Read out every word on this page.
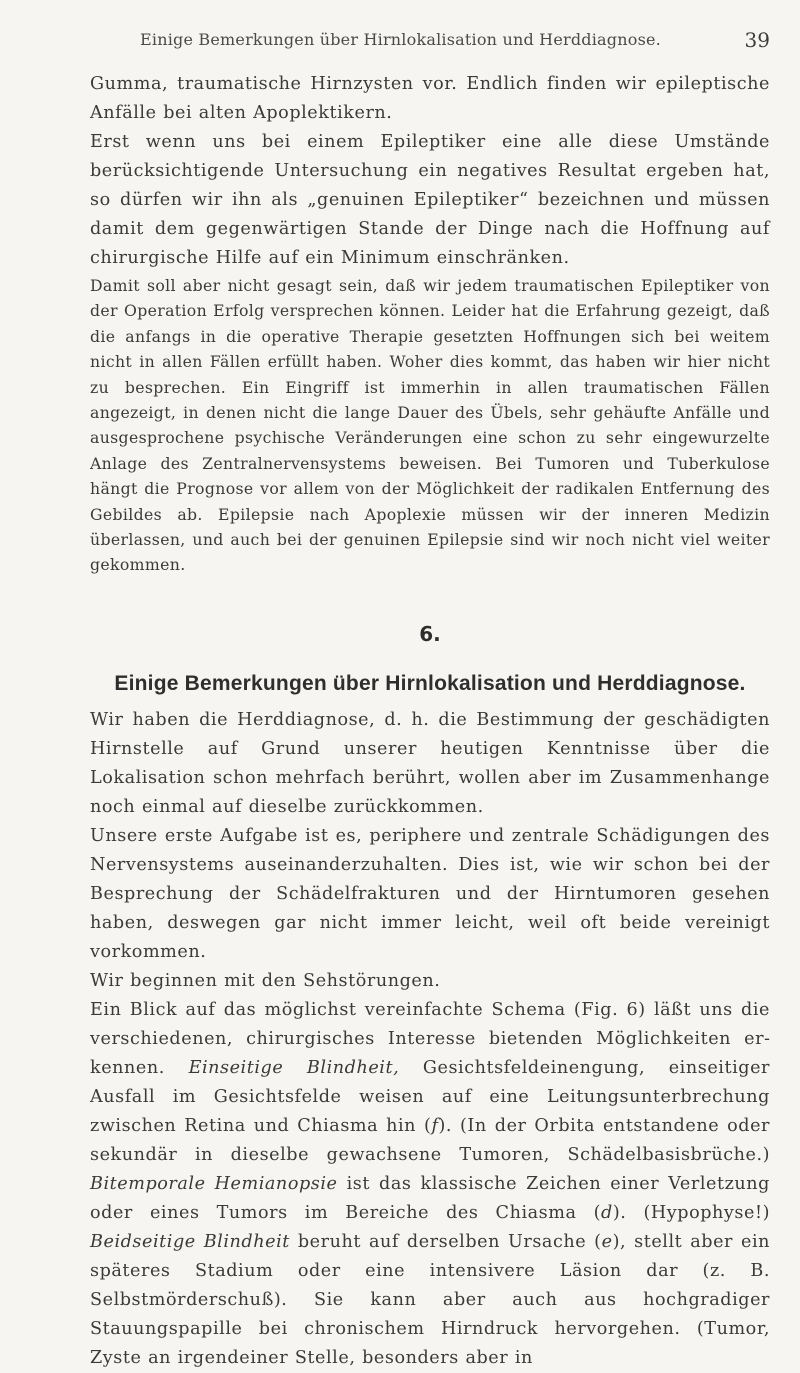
Einige Bemerkungen über Hirnlokalisation und Herddiagnose.	39

Gumma, traumatische Hirnzysten vor. Endlich finden wir epileptische Anfälle bei alten Apoplektikern.

Erst wenn uns bei einem Epileptiker eine alle diese Umstände berücksichtigende Untersuchung ein negatives Resultat ergeben hat, so dürfen wir ihn als „genuinen Epileptiker“ bezeichnen und müssen damit dem gegenwärtigen Stande der Dinge nach die Hoffnung auf chirurgische Hilfe auf ein Minimum einschränken.

Damit soll aber nicht gesagt sein, daß wir jedem traumatischen Epileptiker von der Operation Erfolg versprechen können. Leider hat die Erfahrung gezeigt, daß die anfangs in die operative Therapie gesetzten Hoffnungen sich bei weitem nicht in allen Fällen erfüllt haben. Woher dies kommt, das haben wir hier nicht zu besprechen. Ein Eingriff ist immerhin in allen traumatischen Fällen angezeigt, in denen nicht die lange Dauer des Übels, sehr gehäufte Anfälle und ausgesprochene psychische Veränderungen eine schon zu sehr eingewurzelte Anlage des Zentralnervensystems beweisen. Bei Tumoren und Tuberkulose hängt die Prognose vor allem von der Möglichkeit der radikalen Entfernung des Gebildes ab. Epilepsie nach Apoplexie müssen wir der inneren Medizin überlassen, und auch bei der genuinen Epilepsie sind wir noch nicht viel weiter gekommen.

6.
Einige Bemerkungen über Hirnlokalisation und Herddiagnose.

Wir haben die Herddiagnose, d. h. die Bestimmung der geschädigten Hirnstelle auf Grund unserer heutigen Kenntnisse über die Lokalisation schon mehrfach berührt, wollen aber im Zusammenhange noch einmal auf dieselbe zurückkommen.

Unsere erste Aufgabe ist es, periphere und zentrale Schädigungen des Nervensystems auseinanderzuhalten. Dies ist, wie wir schon bei der Besprechung der Schädelfrakturen und der Hirntumoren gesehen haben, deswegen gar nicht immer leicht, weil oft beide vereinigt vorkommen.

Wir beginnen mit den Sehstörungen.

Ein Blick auf das möglichst vereinfachte Schema (Fig. 6) läßt uns die verschiedenen, chirurgisches Interesse bietenden Möglichkeiten erkennen. Einseitige Blindheit, Gesichtsfeldeinengung, einseitiger Ausfall im Gesichtsfelde weisen auf eine Leitungsunterbrechung zwischen Retina und Chiasma hin (f). (In der Orbita entstandene oder sekundär in dieselbe gewachsene Tumoren, Schädelbasisbrüche.) Bitemporale Hemianopsie ist das klassische Zeichen einer Verletzung oder eines Tumors im Bereiche des Chiasma (d). (Hypophyse!) Beidseitige Blindheit beruht auf derselben Ursache (e), stellt aber ein späteres Stadium oder eine intensivere Läsion dar (z. B. Selbstmörderschuß). Sie kann aber auch aus hochgradiger Stauungspapille bei chronischem Hirndruck hervorgehen. (Tumor, Zyste an irgendeiner Stelle, besonders aber in
